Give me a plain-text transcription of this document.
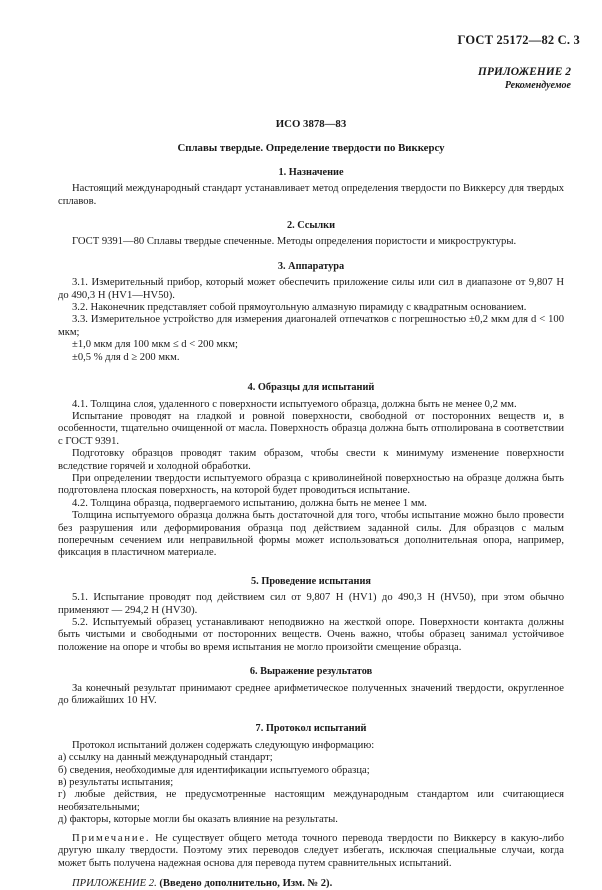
ГОСТ 25172—82 С. 3
ПРИЛОЖЕНИЕ 2
Рекомендуемое
ИСО 3878—83
Сплавы твердые. Определение твердости по Виккерсу
1. Назначение

Настоящий международный стандарт устанавливает метод определения твердости по Виккерсу для твердых сплавов.

2. Ссылки

ГОСТ 9391—80 Сплавы твердые спеченные. Методы определения пористости и микроструктуры.

3. Аппаратура

3.1. Измерительный прибор, который может обеспечить приложение силы или сил в диапазоне от 9,807 Н до 490,3 Н (HV1—HV50).

3.2. Наконечник представляет собой прямоугольную алмазную пирамиду с квадратным основанием.

3.3. Измерительное устройство для измерения диагоналей отпечатков с погрешностью ±0,2 мкм для d < 100 мкм;

±1,0 мкм для 100 мкм ≤ d < 200 мкм;

±0,5 % для d ≥ 200 мкм.

4. Образцы для испытаний

4.1. Толщина слоя, удаленного с поверхности испытуемого образца, должна быть не менее 0,2 мм.

Испытание проводят на гладкой и ровной поверхности, свободной от посторонних веществ и, в особенности, тщательно очищенной от масла. Поверхность образца должна быть отполирована в соответствии с ГОСТ 9391.

Подготовку образцов проводят таким образом, чтобы свести к минимуму изменение поверхности вследствие горячей и холодной обработки.

При определении твердости испытуемого образца с криволинейной поверхностью на образце должна быть подготовлена плоская поверхность, на которой будет проводиться испытание.

4.2. Толщина образца, подвергаемого испытанию, должна быть не менее 1 мм.

Толщина испытуемого образца должна быть достаточной для того, чтобы испытание можно было провести без разрушения или деформирования образца под действием заданной силы. Для образцов с малым поперечным сечением или неправильной формы может использоваться дополнительная опора, например, фиксация в пластичном материале.

5. Проведение испытания

5.1. Испытание проводят под действием сил от 9,807 Н (HV1) до 490,3 Н (HV50), при этом обычно применяют — 294,2 Н (HV30).

5.2. Испытуемый образец устанавливают неподвижно на жесткой опоре. Поверхности контакта должны быть чистыми и свободными от посторонних веществ. Очень важно, чтобы образец занимал устойчивое положение на опоре и чтобы во время испытания не могло произойти смещение образца.

6. Выражение результатов

За конечный результат принимают среднее арифметическое полученных значений твердости, округленное до ближайших 10 HV.

7. Протокол испытаний

Протокол испытаний должен содержать следующую информацию:

а) ссылку на данный международный стандарт;

б) сведения, необходимые для идентификации испытуемого образца;

в) результаты испытания;

г) любые действия, не предусмотренные настоящим международным стандартом или считающиеся необязательными;

д) факторы, которые могли бы оказать влияние на результаты.

Примечание. Не существует общего метода точного перевода твердости по Виккерсу в какую-либо другую шкалу твердости. Поэтому этих переводов следует избегать, исключая специальные случаи, когда может быть получена надежная основа для перевода путем сравнительных испытаний.

ПРИЛОЖЕНИЕ 2. (Введено дополнительно, Изм. № 2).
